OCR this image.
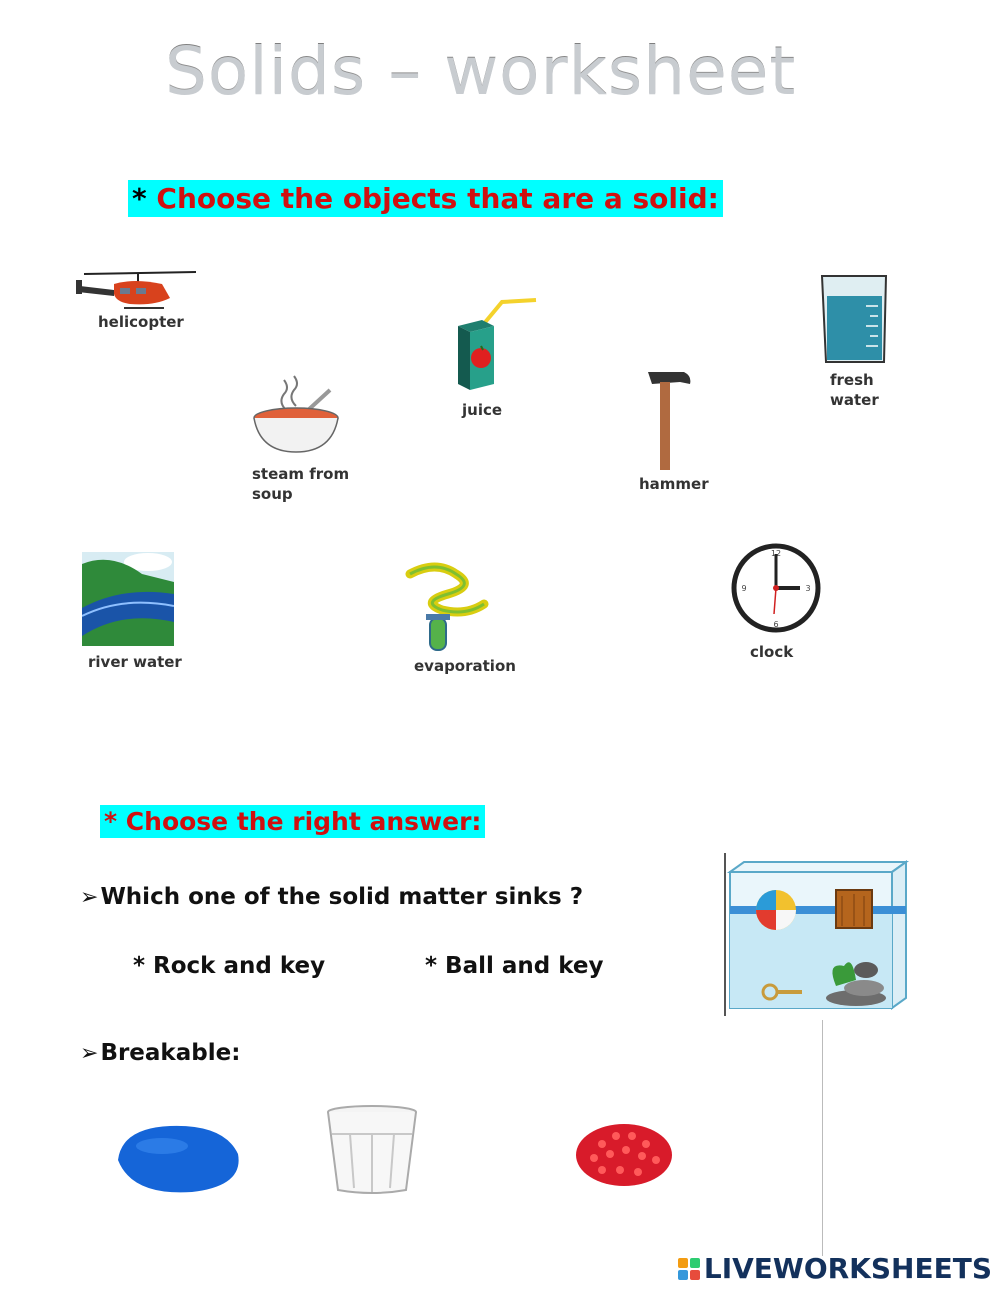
Solids – worksheet
* Choose the objects that are a solid:
helicopter
juice
fresh water
steam from soup
hammer
river water	evaporation
12
3
6
9
clock
* Choose the right answer:
➢Which one of the solid matter sinks ?
* Rock and key	* Ball and key
➢Breakable:
LIVEWORKSHEETS
